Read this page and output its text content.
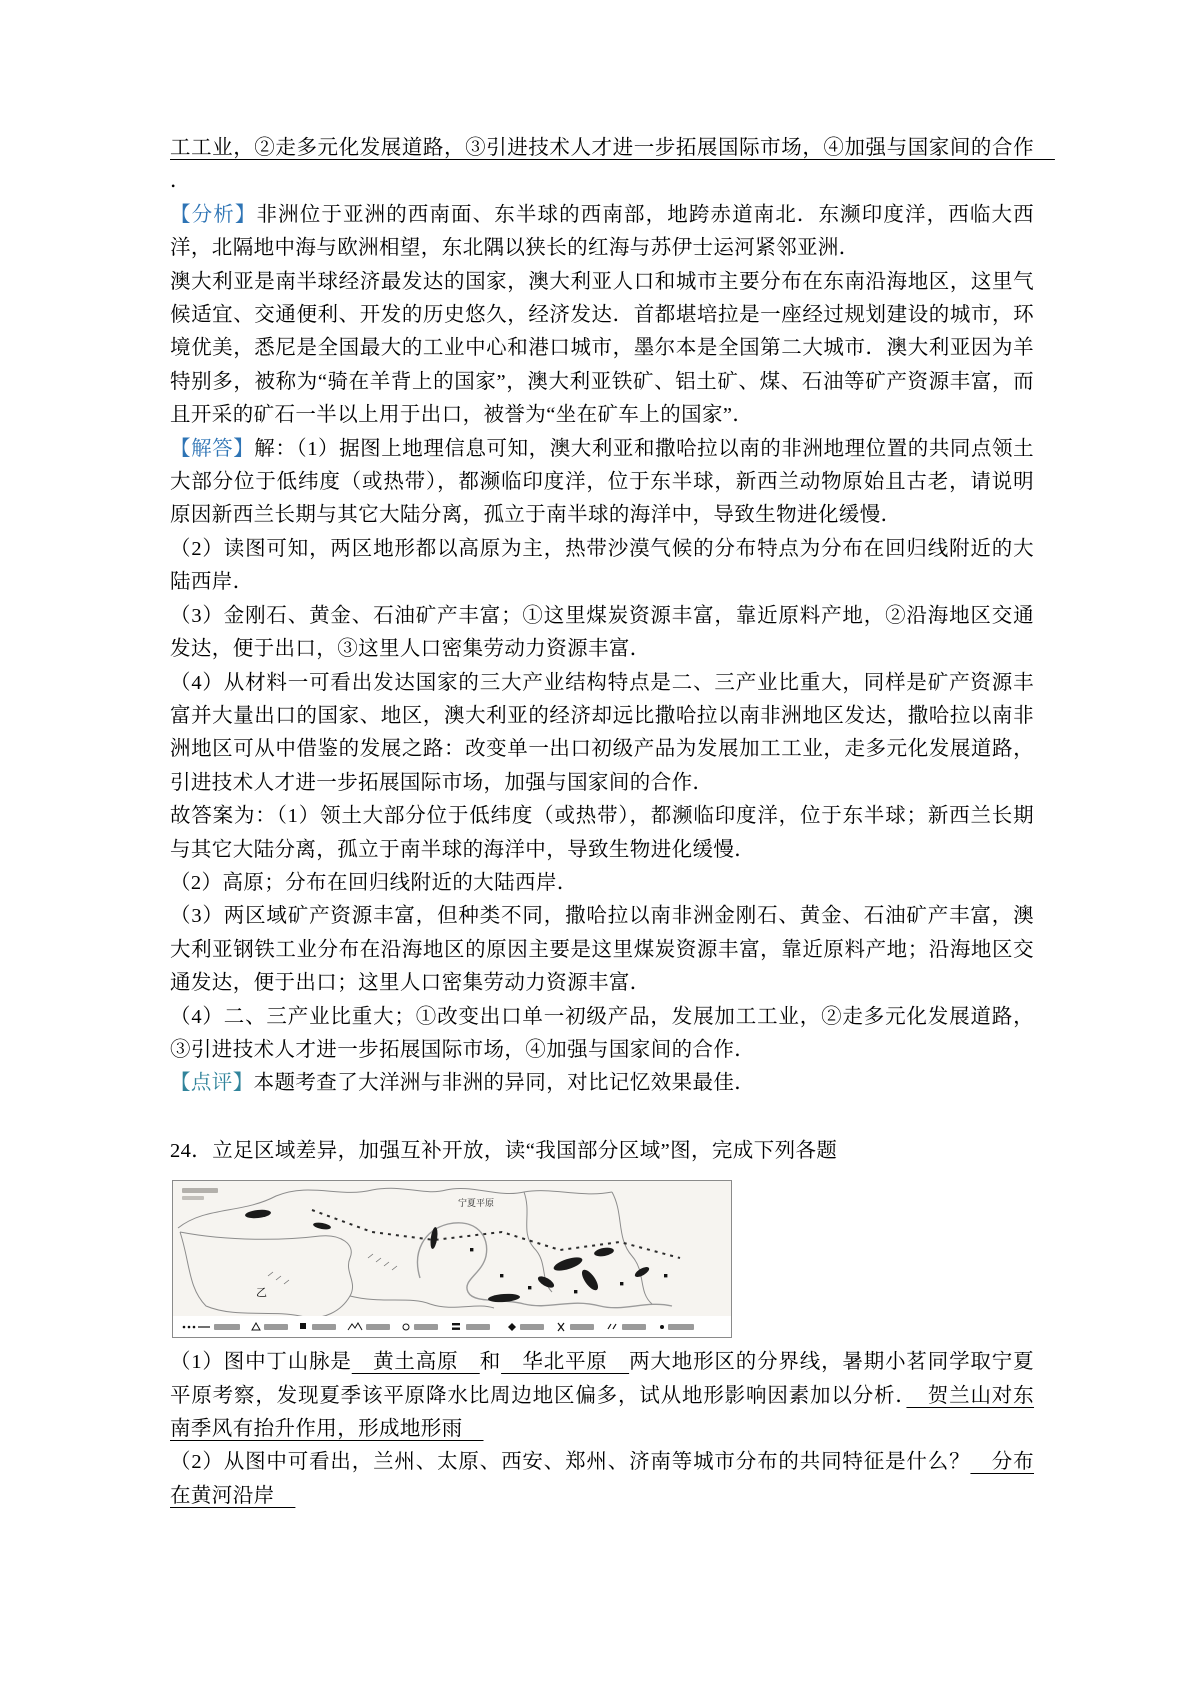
工工业，②走多元化发展道路，③引进技术人才进一步拓展国际市场，④加强与国家间的合作　．

【分析】非洲位于亚洲的西南面、东半球的西南部，地跨赤道南北．东濒印度洋，西临大西洋，北隔地中海与欧洲相望，东北隅以狭长的红海与苏伊士运河紧邻亚洲．

澳大利亚是南半球经济最发达的国家，澳大利亚人口和城市主要分布在东南沿海地区，这里气候适宜、交通便利、开发的历史悠久，经济发达．首都堪培拉是一座经过规划建设的城市，环境优美，悉尼是全国最大的工业中心和港口城市，墨尔本是全国第二大城市．澳大利亚因为羊特别多，被称为“骑在羊背上的国家”，澳大利亚铁矿、铝土矿、煤、石油等矿产资源丰富，而且开采的矿石一半以上用于出口，被誉为“坐在矿车上的国家”．

【解答】解：（1）据图上地理信息可知，澳大利亚和撒哈拉以南的非洲地理位置的共同点领土大部分位于低纬度（或热带），都濒临印度洋，位于东半球，新西兰动物原始且古老，请说明原因新西兰长期与其它大陆分离，孤立于南半球的海洋中，导致生物进化缓慢．

（2）读图可知，两区地形都以高原为主，热带沙漠气候的分布特点为分布在回归线附近的大陆西岸．

（3）金刚石、黄金、石油矿产丰富；①这里煤炭资源丰富，靠近原料产地，②沿海地区交通发达，便于出口，③这里人口密集劳动力资源丰富．

（4）从材料一可看出发达国家的三大产业结构特点是二、三产业比重大，同样是矿产资源丰富并大量出口的国家、地区，澳大利亚的经济却远比撒哈拉以南非洲地区发达，撒哈拉以南非洲地区可从中借鉴的发展之路：改变单一出口初级产品为发展加工工业，走多元化发展道路，引进技术人才进一步拓展国际市场，加强与国家间的合作．

故答案为：（1）领土大部分位于低纬度（或热带），都濒临印度洋，位于东半球；新西兰长期与其它大陆分离，孤立于南半球的海洋中，导致生物进化缓慢．

（2）高原；分布在回归线附近的大陆西岸．

（3）两区域矿产资源丰富，但种类不同，撒哈拉以南非洲金刚石、黄金、石油矿产丰富，澳大利亚钢铁工业分布在沿海地区的原因主要是这里煤炭资源丰富，靠近原料产地；沿海地区交通发达，便于出口；这里人口密集劳动力资源丰富．

（4）二、三产业比重大；①改变出口单一初级产品，发展加工工业，②走多元化发展道路，③引进技术人才进一步拓展国际市场，④加强与国家间的合作．

【点评】本题考查了大洋洲与非洲的异同，对比记忆效果最佳．

24．立足区域差异，加强互补开放，读“我国部分区域”图，完成下列各题

宁夏平原
乙

（1）图中丁山脉是　黄土高原　和　华北平原　两大地形区的分界线，暑期小茗同学取宁夏平原考察，发现夏季该平原降水比周边地区偏多，试从地形影响因素加以分析．　贺兰山对东南季风有抬升作用，形成地形雨　

（2）从图中可看出，兰州、太原、西安、郑州、济南等城市分布的共同特征是什么？　分布在黄河沿岸　
